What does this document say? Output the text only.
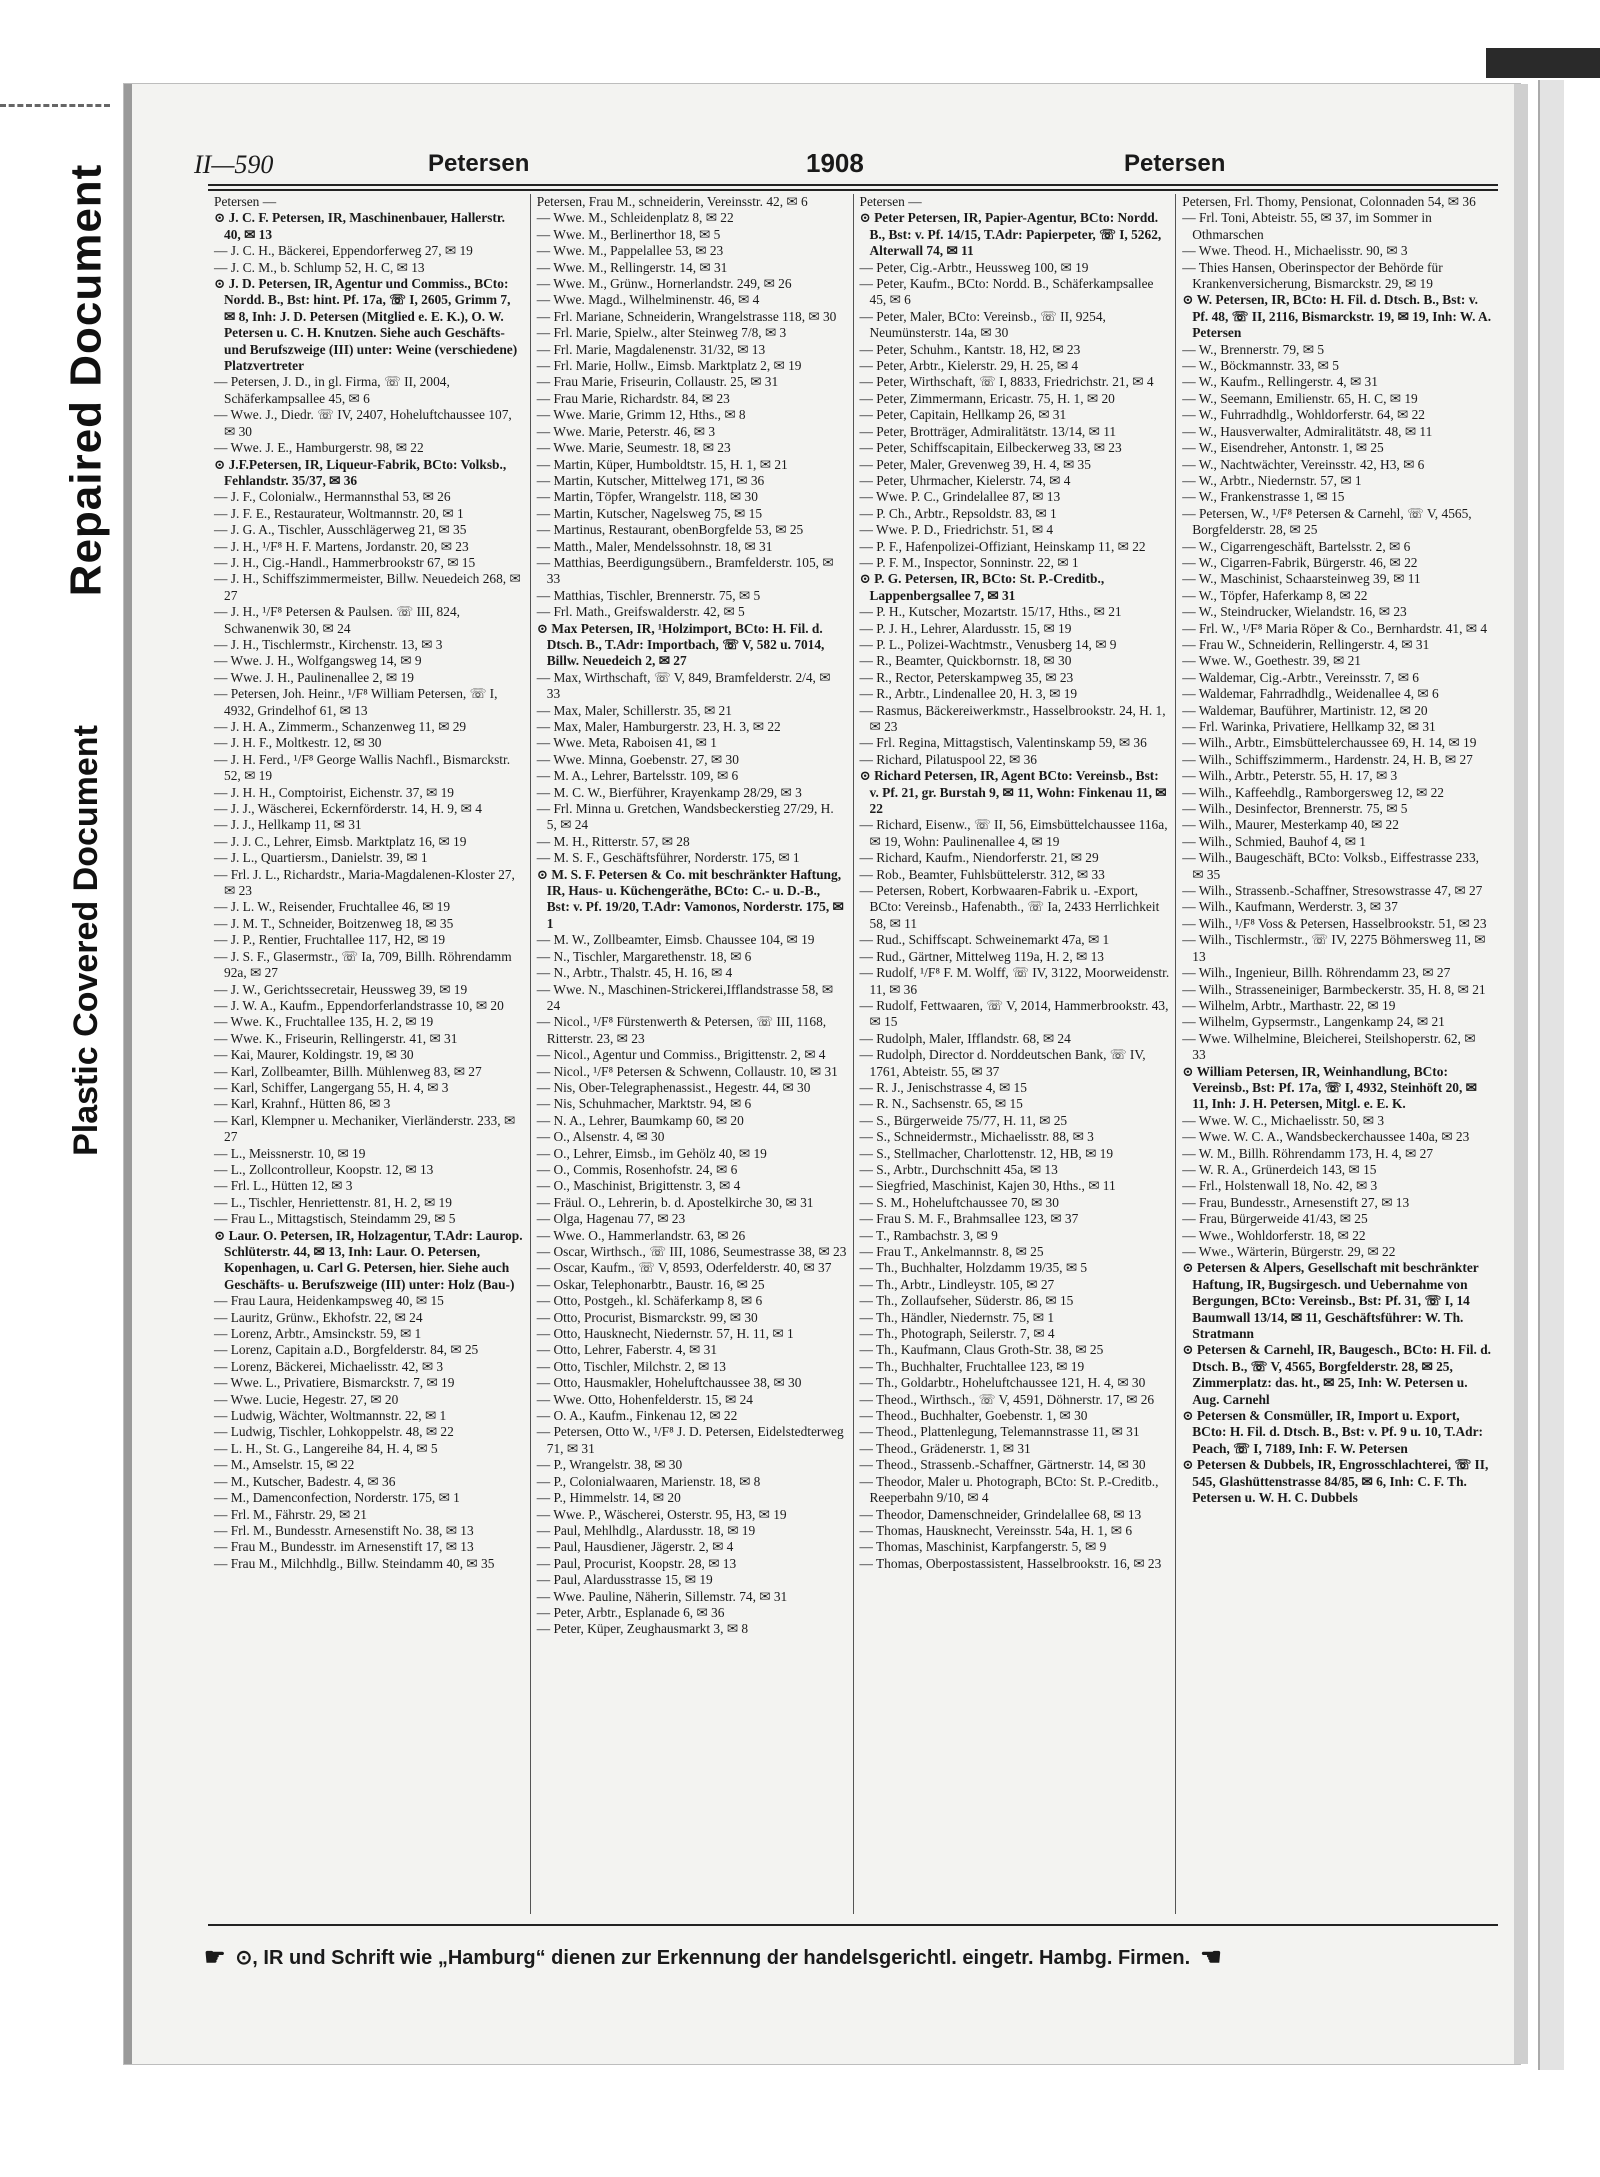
Repaired Document
Plastic Covered Document
II—590	Petersen	1908	Petersen

Petersen —

⊙ J. C. F. Petersen, IR, Maschinenbauer, Hallerstr. 40, ✉ 13

— J. C. H., Bäckerei, Eppendorferweg 27, ✉ 19

— J. C. M., b. Schlump 52, H. C, ✉ 13

⊙ J. D. Petersen, IR, Agentur und Commiss., BCto: Nordd. B., Bst: hint. Pf. 17a, ☏ I, 2605, Grimm 7, ✉ 8, Inh: J. D. Petersen (Mitglied e. E. K.), O. W. Petersen u. C. H. Knutzen. Siehe auch Geschäfts- und Berufszweige (III) unter: Weine (verschiedene) Platzvertreter

— Petersen, J. D., in gl. Firma, ☏ II, 2004, Schäferkampsallee 45, ✉ 6

— Wwe. J., Diedr. ☏ IV, 2407, Hoheluftchaussee 107, ✉ 30

— Wwe. J. E., Hamburgerstr. 98, ✉ 22

⊙ J.F.Petersen, IR, Liqueur-Fabrik, BCto: Volksb., Fehlandstr. 35/37, ✉ 36

— J. F., Colonialw., Hermannsthal 53, ✉ 26

— J. F. E., Restaurateur, Woltmannstr. 20, ✉ 1

— J. G. A., Tischler, Ausschlägerweg 21, ✉ 35

— J. H., ¹/F⁸ H. F. Martens, Jordanstr. 20, ✉ 23

— J. H., Cig.-Handl., Hammerbrookstr 67, ✉ 15

— J. H., Schiffszimmermeister, Billw. Neuedeich 268, ✉ 27

— J. H., ¹/F⁸ Petersen & Paulsen. ☏ III, 824, Schwanenwik 30, ✉ 24

— J. H., Tischlermstr., Kirchenstr. 13, ✉ 3

— Wwe. J. H., Wolfgangsweg 14, ✉ 9

— Wwe. J. H., Paulinenallee 2, ✉ 19

— Petersen, Joh. Heinr., ¹/F⁸ William Petersen, ☏ I, 4932, Grindelhof 61, ✉ 13

— J. H. A., Zimmerm., Schanzenweg 11, ✉ 29

— J. H. F., Moltkestr. 12, ✉ 30

— J. H. Ferd., ¹/F⁸ George Wallis Nachfl., Bismarckstr. 52, ✉ 19

— J. H. H., Comptoirist, Eichenstr. 37, ✉ 19

— J. J., Wäscherei, Eckernförderstr. 14, H. 9, ✉ 4

— J. J., Hellkamp 11, ✉ 31

— J. J. C., Lehrer, Eimsb. Marktplatz 16, ✉ 19

— J. L., Quartiersm., Danielstr. 39, ✉ 1

— Frl. J. L., Richardstr., Maria-Magdalenen-Kloster 27, ✉ 23

— J. L. W., Reisender, Fruchtallee 46, ✉ 19

— J. M. T., Schneider, Boitzenweg 18, ✉ 35

— J. P., Rentier, Fruchtallee 117, H2, ✉ 19

— J. S. F., Glasermstr., ☏ Ia, 709, Billh. Röhrendamm 92a, ✉ 27

— J. W., Gerichtssecretair, Heussweg 39, ✉ 19

— J. W. A., Kaufm., Eppendorferlandstrasse 10, ✉ 20

— Wwe. K., Fruchtallee 135, H. 2, ✉ 19

— Wwe. K., Friseurin, Rellingerstr. 41, ✉ 31

— Kai, Maurer, Koldingstr. 19, ✉ 30

— Karl, Zollbeamter, Billh. Mühlenweg 83, ✉ 27

— Karl, Schiffer, Langergang 55, H. 4, ✉ 3

— Karl, Krahnf., Hütten 86, ✉ 3

— Karl, Klempner u. Mechaniker, Vierländerstr. 233, ✉ 27

— L., Meissnerstr. 10, ✉ 19

— L., Zollcontrolleur, Koopstr. 12, ✉ 13

— Frl. L., Hütten 12, ✉ 3

— L., Tischler, Henriettenstr. 81, H. 2, ✉ 19

— Frau L., Mittagstisch, Steindamm 29, ✉ 5

⊙ Laur. O. Petersen, IR, Holzagentur, T.Adr: Laurop. Schlüterstr. 44, ✉ 13, Inh: Laur. O. Petersen, Kopenhagen, u. Carl G. Petersen, hier. Siehe auch Geschäfts- u. Berufszweige (III) unter: Holz (Bau-)

— Frau Laura, Heidenkampsweg 40, ✉ 15

— Lauritz, Grünw., Ekhofstr. 22, ✉ 24

— Lorenz, Arbtr., Amsinckstr. 59, ✉ 1

— Lorenz, Capitain a.D., Borgfelderstr. 84, ✉ 25

— Lorenz, Bäckerei, Michaelisstr. 42, ✉ 3

— Wwe. L., Privatiere, Bismarckstr. 7, ✉ 19

— Wwe. Lucie, Hegestr. 27, ✉ 20

— Ludwig, Wächter, Woltmannstr. 22, ✉ 1

— Ludwig, Tischler, Lohkoppelstr. 48, ✉ 22

— L. H., St. G., Langereihe 84, H. 4, ✉ 5

— M., Amselstr. 15, ✉ 22

— M., Kutscher, Badestr. 4, ✉ 36

— M., Damenconfection, Norderstr. 175, ✉ 1

— Frl. M., Fährstr. 29, ✉ 21

— Frl. M., Bundesstr. Arnesenstift No. 38, ✉ 13

— Frau M., Bundesstr. im Arnesenstift 17, ✉ 13

— Frau M., Milchhdlg., Billw. Steindamm 40, ✉ 35

Petersen, Frau M., schneiderin, Vereinsstr. 42, ✉ 6

— Wwe. M., Schleidenplatz 8, ✉ 22

— Wwe. M., Berlinerthor 18, ✉ 5

— Wwe. M., Pappelallee 53, ✉ 23

— Wwe. M., Rellingerstr. 14, ✉ 31

— Wwe. M., Grünw., Hornerlandstr. 249, ✉ 26

— Wwe. Magd., Wilhelminenstr. 46, ✉ 4

— Frl. Mariane, Schneiderin, Wrangelstrasse 118, ✉ 30

— Frl. Marie, Spielw., alter Steinweg 7/8, ✉ 3

— Frl. Marie, Magdalenenstr. 31/32, ✉ 13

— Frl. Marie, Hollw., Eimsb. Marktplatz 2, ✉ 19

— Frau Marie, Friseurin, Collaustr. 25, ✉ 31

— Frau Marie, Richardstr. 84, ✉ 23

— Wwe. Marie, Grimm 12, Hths., ✉ 8

— Wwe. Marie, Peterstr. 46, ✉ 3

— Wwe. Marie, Seumestr. 18, ✉ 23

— Martin, Küper, Humboldtstr. 15, H. 1, ✉ 21

— Martin, Kutscher, Mittelweg 171, ✉ 36

— Martin, Töpfer, Wrangelstr. 118, ✉ 30

— Martin, Kutscher, Nagelsweg 75, ✉ 15

— Martinus, Restaurant, obenBorgfelde 53, ✉ 25

— Matth., Maler, Mendelssohnstr. 18, ✉ 31

— Matthias, Beerdigungsübern., Bramfelderstr. 105, ✉ 33

— Matthias, Tischler, Brennerstr. 75, ✉ 5

— Frl. Math., Greifswalderstr. 42, ✉ 5

⊙ Max Petersen, IR, ¹Holzimport, BCto: H. Fil. d. Dtsch. B., T.Adr: Importbach, ☏ V, 582 u. 7014, Billw. Neuedeich 2, ✉ 27

— Max, Wirthschaft, ☏ V, 849, Bramfelderstr. 2/4, ✉ 33

— Max, Maler, Schillerstr. 35, ✉ 21

— Max, Maler, Hamburgerstr. 23, H. 3, ✉ 22

— Wwe. Meta, Raboisen 41, ✉ 1

— Wwe. Minna, Goebenstr. 27, ✉ 30

— M. A., Lehrer, Bartelsstr. 109, ✉ 6

— M. C. W., Bierführer, Krayenkamp 28/29, ✉ 3

— Frl. Minna u. Gretchen, Wandsbeckerstieg 27/29, H. 5, ✉ 24

— M. H., Ritterstr. 57, ✉ 28

— M. S. F., Geschäftsführer, Norderstr. 175, ✉ 1

⊙ M. S. F. Petersen & Co. mit beschränkter Haftung, IR, Haus- u. Küchengeräthe, BCto: C.- u. D.-B., Bst: v. Pf. 19/20, T.Adr: Vamonos, Norderstr. 175, ✉ 1

— M. W., Zollbeamter, Eimsb. Chaussee 104, ✉ 19

— N., Tischler, Margarethenstr. 18, ✉ 6

— N., Arbtr., Thalstr. 45, H. 16, ✉ 4

— Wwe. N., Maschinen-Strickerei,Ifflandstrasse 58, ✉ 24

— Nicol., ¹/F⁸ Fürstenwerth & Petersen, ☏ III, 1168, Ritterstr. 23, ✉ 23

— Nicol., Agentur und Commiss., Brigittenstr. 2, ✉ 4

— Nicol., ¹/F⁸ Petersen & Schwenn, Collaustr. 10, ✉ 31

— Nis, Ober-Telegraphenassist., Hegestr. 44, ✉ 30

— Nis, Schuhmacher, Marktstr. 94, ✉ 6

— N. A., Lehrer, Baumkamp 60, ✉ 20

— O., Alsenstr. 4, ✉ 30

— O., Lehrer, Eimsb., im Gehölz 40, ✉ 19

— O., Commis, Rosenhofstr. 24, ✉ 6

— O., Maschinist, Brigittenstr. 3, ✉ 4

— Fräul. O., Lehrerin, b. d. Apostelkirche 30, ✉ 31

— Olga, Hagenau 77, ✉ 23

— Wwe. O., Hammerlandstr. 63, ✉ 26

— Oscar, Wirthsch., ☏ III, 1086, Seumestrasse 38, ✉ 23

— Oscar, Kaufm., ☏ V, 8593, Oderfelderstr. 40, ✉ 37

— Oskar, Telephonarbtr., Baustr. 16, ✉ 25

— Otto, Postgeh., kl. Schäferkamp 8, ✉ 6

— Otto, Procurist, Bismarckstr. 99, ✉ 30

— Otto, Hausknecht, Niedernstr. 57, H. 11, ✉ 1

— Otto, Lehrer, Faberstr. 4, ✉ 31

— Otto, Tischler, Milchstr. 2, ✉ 13

— Otto, Hausmakler, Hoheluftchaussee 38, ✉ 30

— Wwe. Otto, Hohenfelderstr. 15, ✉ 24

— O. A., Kaufm., Finkenau 12, ✉ 22

— Petersen, Otto W., ¹/F⁸ J. D. Petersen, Eidelstedterweg 71, ✉ 31

— P., Wrangelstr. 38, ✉ 30

— P., Colonialwaaren, Marienstr. 18, ✉ 8

— P., Himmelstr. 14, ✉ 20

— Wwe. P., Wäscherei, Osterstr. 95, H3, ✉ 19

— Paul, Mehlhdlg., Alardusstr. 18, ✉ 19

— Paul, Hausdiener, Jägerstr. 2, ✉ 4

— Paul, Procurist, Koopstr. 28, ✉ 13

— Paul, Alardusstrasse 15, ✉ 19

— Wwe. Pauline, Näherin, Sillemstr. 74, ✉ 31

— Peter, Arbtr., Esplanade 6, ✉ 36

— Peter, Küper, Zeughausmarkt 3, ✉ 8

Petersen —

⊙ Peter Petersen, IR, Papier-Agentur, BCto: Nordd. B., Bst: v. Pf. 14/15, T.Adr: Papierpeter, ☏ I, 5262, Alterwall 74, ✉ 11

— Peter, Cig.-Arbtr., Heussweg 100, ✉ 19

— Peter, Kaufm., BCto: Nordd. B., Schäferkampsallee 45, ✉ 6

— Peter, Maler, BCto: Vereinsb., ☏ II, 9254, Neumünsterstr. 14a, ✉ 30

— Peter, Schuhm., Kantstr. 18, H2, ✉ 23

— Peter, Arbtr., Kielerstr. 29, H. 25, ✉ 4

— Peter, Wirthschaft, ☏ I, 8833, Friedrichstr. 21, ✉ 4

— Peter, Zimmermann, Ericastr. 75, H. 1, ✉ 20

— Peter, Capitain, Hellkamp 26, ✉ 31

— Peter, Brotträger, Admiralitätstr. 13/14, ✉ 11

— Peter, Schiffscapitain, Eilbeckerweg 33, ✉ 23

— Peter, Maler, Grevenweg 39, H. 4, ✉ 35

— Peter, Uhrmacher, Kielerstr. 74, ✉ 4

— Wwe. P. C., Grindelallee 87, ✉ 13

— P. Ch., Arbtr., Repsoldstr. 83, ✉ 1

— Wwe. P. D., Friedrichstr. 51, ✉ 4

— P. F., Hafenpolizei-Offiziant, Heinskamp 11, ✉ 22

— P. F. M., Inspector, Sonninstr. 22, ✉ 1

⊙ P. G. Petersen, IR, BCto: St. P.-Creditb., Lappenbergsallee 7, ✉ 31

— P. H., Kutscher, Mozartstr. 15/17, Hths., ✉ 21

— P. J. H., Lehrer, Alardusstr. 15, ✉ 19

— P. L., Polizei-Wachtmstr., Venusberg 14, ✉ 9

— R., Beamter, Quickbornstr. 18, ✉ 30

— R., Rector, Peterskampweg 35, ✉ 23

— R., Arbtr., Lindenallee 20, H. 3, ✉ 19

— Rasmus, Bäckereiwerkmstr., Hasselbrookstr. 24, H. 1, ✉ 23

— Frl. Regina, Mittagstisch, Valentinskamp 59, ✉ 36

— Richard, Pilatuspool 22, ✉ 36

⊙ Richard Petersen, IR, Agent BCto: Vereinsb., Bst: v. Pf. 21, gr. Burstah 9, ✉ 11, Wohn: Finkenau 11, ✉ 22

— Richard, Eisenw., ☏ II, 56, Eimsbüttelchaussee 116a, ✉ 19, Wohn: Paulinenallee 4, ✉ 19

— Richard, Kaufm., Niendorferstr. 21, ✉ 29

— Rob., Beamter, Fuhlsbüttelerstr. 312, ✉ 33

— Petersen, Robert, Korbwaaren-Fabrik u. -Export, BCto: Vereinsb., Hafenabth., ☏ Ia, 2433 Herrlichkeit 58, ✉ 11

— Rud., Schiffscapt. Schweinemarkt 47a, ✉ 1

— Rud., Gärtner, Mittelweg 119a, H. 2, ✉ 13

— Rudolf, ¹/F⁸ F. M. Wolff, ☏ IV, 3122, Moorweidenstr. 11, ✉ 36

— Rudolf, Fettwaaren, ☏ V, 2014, Hammerbrookstr. 43, ✉ 15

— Rudolph, Maler, Ifflandstr. 68, ✉ 24

— Rudolph, Director d. Norddeutschen Bank, ☏ IV, 1761, Abteistr. 55, ✉ 37

— R. J., Jenischstrasse 4, ✉ 15

— R. N., Sachsenstr. 65, ✉ 15

— S., Bürgerweide 75/77, H. 11, ✉ 25

— S., Schneidermstr., Michaelisstr. 88, ✉ 3

— S., Stellmacher, Charlottenstr. 12, HB, ✉ 19

— S., Arbtr., Durchschnitt 45a, ✉ 13

— Siegfried, Maschinist, Kajen 30, Hths., ✉ 11

— S. M., Hoheluftchaussee 70, ✉ 30

— Frau S. M. F., Brahmsallee 123, ✉ 37

— T., Rambachstr. 3, ✉ 9

— Frau T., Ankelmannstr. 8, ✉ 25

— Th., Buchhalter, Holzdamm 19/35, ✉ 5

— Th., Arbtr., Lindleystr. 105, ✉ 27

— Th., Zollaufseher, Süderstr. 86, ✉ 15

— Th., Händler, Niedernstr. 75, ✉ 1

— Th., Photograph, Seilerstr. 7, ✉ 4

— Th., Kaufmann, Claus Groth-Str. 38, ✉ 25

— Th., Buchhalter, Fruchtallee 123, ✉ 19

— Th., Goldarbtr., Hoheluftchaussee 121, H. 4, ✉ 30

— Theod., Wirthsch., ☏ V, 4591, Döhnerstr. 17, ✉ 26

— Theod., Buchhalter, Goebenstr. 1, ✉ 30

— Theod., Plattenlegung, Telemannstrasse 11, ✉ 31

— Theod., Grädenerstr. 1, ✉ 31

— Theod., Strassenb.-Schaffner, Gärtnerstr. 14, ✉ 30

— Theodor, Maler u. Photograph, BCto: St. P.-Creditb., Reeperbahn 9/10, ✉ 4

— Theodor, Damenschneider, Grindelallee 68, ✉ 13

— Thomas, Hausknecht, Vereinsstr. 54a, H. 1, ✉ 6

— Thomas, Maschinist, Karpfangerstr. 5, ✉ 9

— Thomas, Oberpostassistent, Hasselbrookstr. 16, ✉ 23

Petersen, Frl. Thomy, Pensionat, Colonnaden 54, ✉ 36

— Frl. Toni, Abteistr. 55, ✉ 37, im Sommer in Othmarschen

— Wwe. Theod. H., Michaelisstr. 90, ✉ 3

— Thies Hansen, Oberinspector der Behörde für Krankenversicherung, Bismarckstr. 29, ✉ 19

⊙ W. Petersen, IR, BCto: H. Fil. d. Dtsch. B., Bst: v. Pf. 48, ☏ II, 2116, Bismarckstr. 19, ✉ 19, Inh: W. A. Petersen

— W., Brennerstr. 79, ✉ 5

— W., Böckmannstr. 33, ✉ 5

— W., Kaufm., Rellingerstr. 4, ✉ 31

— W., Seemann, Emilienstr. 65, H. C, ✉ 19

— W., Fuhrradhdlg., Wohldorferstr. 64, ✉ 22

— W., Hausverwalter, Admiralitätstr. 48, ✉ 11

— W., Eisendreher, Antonstr. 1, ✉ 25

— W., Nachtwächter, Vereinsstr. 42, H3, ✉ 6

— W., Arbtr., Niedernstr. 57, ✉ 1

— W., Frankenstrasse 1, ✉ 15

— Petersen, W., ¹/F⁸ Petersen & Carnehl, ☏ V, 4565, Borgfelderstr. 28, ✉ 25

— W., Cigarrengeschäft, Bartelsstr. 2, ✉ 6

— W., Cigarren-Fabrik, Bürgerstr. 46, ✉ 22

— W., Maschinist, Schaarsteinweg 39, ✉ 11

— W., Töpfer, Haferkamp 8, ✉ 22

— W., Steindrucker, Wielandstr. 16, ✉ 23

— Frl. W., ¹/F⁸ Maria Röper & Co., Bernhardstr. 41, ✉ 4

— Frau W., Schneiderin, Rellingerstr. 4, ✉ 31

— Wwe. W., Goethestr. 39, ✉ 21

— Waldemar, Cig.-Arbtr., Vereinsstr. 7, ✉ 6

— Waldemar, Fahrradhdlg., Weidenallee 4, ✉ 6

— Waldemar, Bauführer, Martinistr. 12, ✉ 20

— Frl. Warinka, Privatiere, Hellkamp 32, ✉ 31

— Wilh., Arbtr., Eimsbüttelerchaussee 69, H. 14, ✉ 19

— Wilh., Schiffszimmerm., Hardenstr. 24, H. B, ✉ 27

— Wilh., Arbtr., Peterstr. 55, H. 17, ✉ 3

— Wilh., Kaffeehdlg., Ramborgersweg 12, ✉ 22

— Wilh., Desinfector, Brennerstr. 75, ✉ 5

— Wilh., Maurer, Mesterkamp 40, ✉ 22

— Wilh., Schmied, Bauhof 4, ✉ 1

— Wilh., Baugeschäft, BCto: Volksb., Eiffestrasse 233, ✉ 35

— Wilh., Strassenb.-Schaffner, Stresowstrasse 47, ✉ 27

— Wilh., Kaufmann, Werderstr. 3, ✉ 37

— Wilh., ¹/F⁸ Voss & Petersen, Hasselbrookstr. 51, ✉ 23

— Wilh., Tischlermstr., ☏ IV, 2275 Böhmersweg 11, ✉ 13

— Wilh., Ingenieur, Billh. Röhrendamm 23, ✉ 27

— Wilh., Strasseneinigeг, Barmbeckerstr. 35, H. 8, ✉ 21

— Wilhelm, Arbtr., Marthastr. 22, ✉ 19

— Wilhelm, Gypsermstr., Langenkamp 24, ✉ 21

— Wwe. Wilhelmine, Bleicherei, Steilshoperstr. 62, ✉ 33

⊙ William Petersen, IR, Weinhandlung, BCto: Vereinsb., Bst: Pf. 17a, ☏ I, 4932, Steinhöft 20, ✉ 11, Inh: J. H. Petersen, Mitgl. e. E. K.

— Wwe. W. C., Michaelisstr. 50, ✉ 3

— Wwe. W. C. A., Wandsbeckerchaussee 140a, ✉ 23

— W. M., Billh. Röhrendamm 173, H. 4, ✉ 27

— W. R. A., Grünerdeich 143, ✉ 15

— Frl., Holstenwall 18, No. 42, ✉ 3

— Frau, Bundesstr., Arnesenstift 27, ✉ 13

— Frau, Bürgerweide 41/43, ✉ 25

— Wwe., Wohldorferstr. 18, ✉ 22

— Wwe., Wärterin, Bürgerstr. 29, ✉ 22

⊙ Petersen & Alpers, Gesellschaft mit beschränkter Haftung, IR, Bugsirgesch. und Uebernahme von Bergungen, BCto: Vereinsb., Bst: Pf. 31, ☏ I, 14 Baumwall 13/14, ✉ 11, Geschäftsführer: W. Th. Stratmann

⊙ Petersen & Carnehl, IR, Baugesch., BCto: H. Fil. d. Dtsch. B., ☏ V, 4565, Borgfelderstr. 28, ✉ 25, Zimmerplatz: das. ht., ✉ 25, Inh: W. Petersen u. Aug. Carnehl

⊙ Petersen & Consmüller, IR, Import u. Export, BCto: H. Fil. d. Dtsch. B., Bst: v. Pf. 9 u. 10, T.Adr: Peach, ☏ I, 7189, Inh: F. W. Petersen

⊙ Petersen & Dubbels, IR, Engrosschlachterei, ☏ II, 545, Glashüttenstrasse 84/85, ✉ 6, Inh: C. F. Th. Petersen u. W. H. C. Dubbels

☛ ⊙, IR und Schrift wie „Hamburg“ dienen zur Erkennung der handelsgerichtl. eingetr. Hambg. Firmen. ☚
